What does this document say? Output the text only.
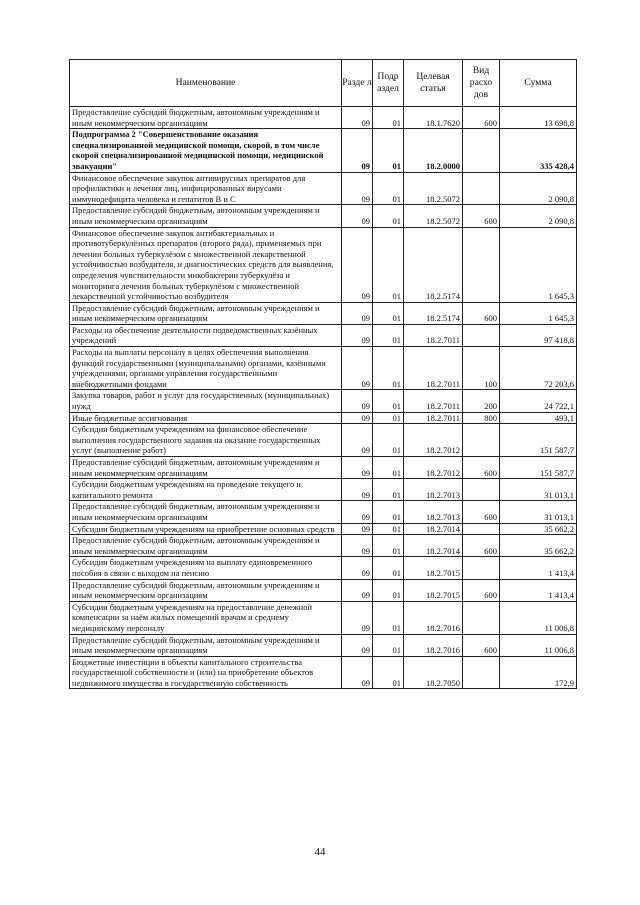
Наименование	Разде л	Подр аздел	Целевая статья	Вид расхо дов	Сумма
Предоставление субсидий бюджетным, автономным учреждениям и иным некоммерческим организациям	09	01	18.1.7620	600	13 698,8
Подпрограмма 2 "Совершенствование оказания специализированной медицинской помощи, скорой, в том числе скорой специализированной медицинской помощи, медицинской эвакуации"	09	01	18.2.0000		335 428,4
Финансовое обеспечение закупок антивирусных препаратов для профилактики и лечения лиц, инфицированных вирусами иммунодефицита человека и гепатитов B и C	09	01	18.2.5072		2 090,8
Предоставление субсидий бюджетным, автономным учреждениям и иным некоммерческим организациям	09	01	18.2.5072	600	2 090,8
Финансовое обеспечение закупок антибактериальных и противотуберкулёзных препаратов (второго ряда), применяемых при лечении больных туберкулёзом с множественной лекарственной устойчивостью возбудителя, и диагностических средств для выявления, определения чувствительности микобактерии туберкулёза и мониторинга лечения больных туберкулёзом с множественной лекарственной устойчивостью возбудителя	09	01	18.2.5174		1 645,3
Предоставление субсидий бюджетным, автономным учреждениям и иным некоммерческим организациям	09	01	18.2.5174	600	1 645,3
Расходы на обеспечение деятельности подведомственных казённых учреждений	09	01	18.2.7011		97 418,8
Расходы на выплаты персоналу в целях обеспечения выполнения функций государственными (муниципальными) органами, казёнными учреждениями, органами управления государственными внебюджетными фондами	09	01	18.2.7011	100	72 203,6
Закупка товаров, работ и услуг для государственных (муниципальных) нужд	09	01	18.2.7011	200	24 722,1
Иные бюджетные ассигнования	09	01	18.2.7011	800	493,1
Субсидии бюджетным учреждениям на финансовое обеспечение выполнения государственного задания на оказание государственных услуг (выполнение работ)	09	01	18.2.7012		151 587,7
Предоставление субсидий бюджетным, автономным учреждениям и иным некоммерческим организациям	09	01	18.2.7012	600	151 587,7
Субсидии бюджетным учреждениям на проведение текущего и капитального ремонта	09	01	18.2.7013		31 013,1
Предоставление субсидий бюджетным, автономным учреждениям и иным некоммерческим организациям	09	01	18.2.7013	600	31 013,1
Субсидии бюджетным учреждениям на приобретение основных средств	09	01	18.2.7014		35 662,2
Предоставление субсидий бюджетным, автономным учреждениям и иным некоммерческим организациям	09	01	18.2.7014	600	35 662,2
Субсидии бюджетным учреждениям на выплату единовременного пособия в связи с выходом на пенсию	09	01	18.2.7015		1 413,4
Предоставление субсидий бюджетным, автономным учреждениям и иным некоммерческим организациям	09	01	18.2.7015	600	1 413,4
Субсидии бюджетным учреждениям на предоставление денежной компенсации за наём жилых помещений врачам и среднему медицинскому персоналу	09	01	18.2.7016		11 006,8
Предоставление субсидий бюджетным, автономным учреждениям и иным некоммерческим организациям	09	01	18.2.7016	600	11 006,8
Бюджетные инвестиции в объекты капитального строительства государственной собственности и (или) на приобретение объектов недвижимого имущества в государственную собственность	09	01	18.2.7050		172,9
44
